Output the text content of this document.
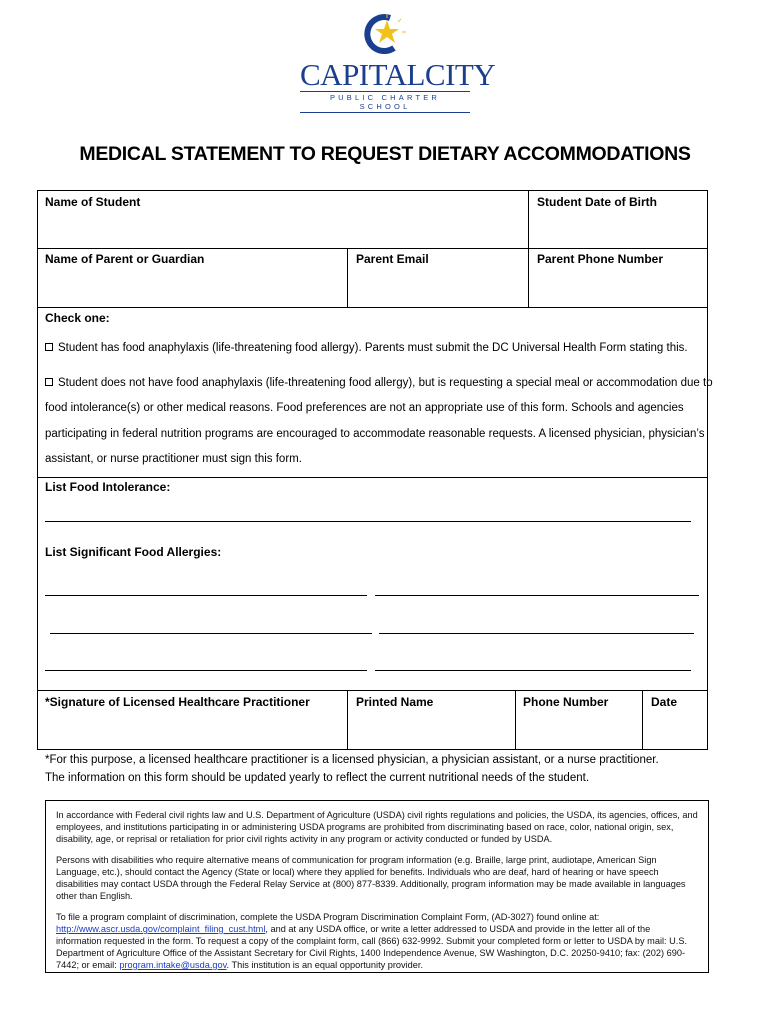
CAPITALCITY
PUBLIC CHARTER SCHOOL
MEDICAL STATEMENT TO REQUEST DIETARY ACCOMMODATIONS
Name of Student	Student Date of Birth
Name of Parent or Guardian	Parent Email	Parent Phone Number
Check one:
Student has food anaphylaxis (life-threatening food allergy). Parents must submit the DC Universal Health Form stating this.
Student does not have food anaphylaxis (life-threatening food allergy), but is requesting a special meal or accommodation due to
food intolerance(s) or other medical reasons. Food preferences are not an appropriate use of this form. Schools and agencies
participating in federal nutrition programs are encouraged to accommodate reasonable requests. A licensed physician, physician’s
assistant, or nurse practitioner must sign this form.
List Food Intolerance:
List Significant Food Allergies:
*Signature of Licensed Healthcare Practitioner	Printed Name	Phone Number	Date
*For this purpose, a licensed healthcare practitioner is a licensed physician, a physician assistant, or a nurse practitioner.
The information on this form should be updated yearly to reflect the current nutritional needs of the student.

In accordance with Federal civil rights law and U.S. Department of Agriculture (USDA) civil rights regulations and policies, the USDA, its agencies, offices, and employees, and institutions participating in or administering USDA programs are prohibited from discriminating based on race, color, national origin, sex, disability, age, or reprisal or retaliation for prior civil rights activity in any program or activity conducted or funded by USDA.

Persons with disabilities who require alternative means of communication for program information (e.g. Braille, large print, audiotape, American Sign Language, etc.), should contact the Agency (State or local) where they applied for benefits. Individuals who are deaf, hard of hearing or have speech disabilities may contact USDA through the Federal Relay Service at (800) 877-8339. Additionally, program information may be made available in languages other than English.

To file a program complaint of discrimination, complete the USDA Program Discrimination Complaint Form, (AD-3027) found online at: http://www.ascr.usda.gov/complaint_filing_cust.html, and at any USDA office, or write a letter addressed to USDA and provide in the letter all of the information requested in the form. To request a copy of the complaint form, call (866) 632-9992. Submit your completed form or letter to USDA by mail: U.S. Department of Agriculture Office of the Assistant Secretary for Civil Rights, 1400 Independence Avenue, SW Washington, D.C. 20250-9410; fax: (202) 690-7442; or email: program.intake@usda.gov. This institution is an equal opportunity provider.
